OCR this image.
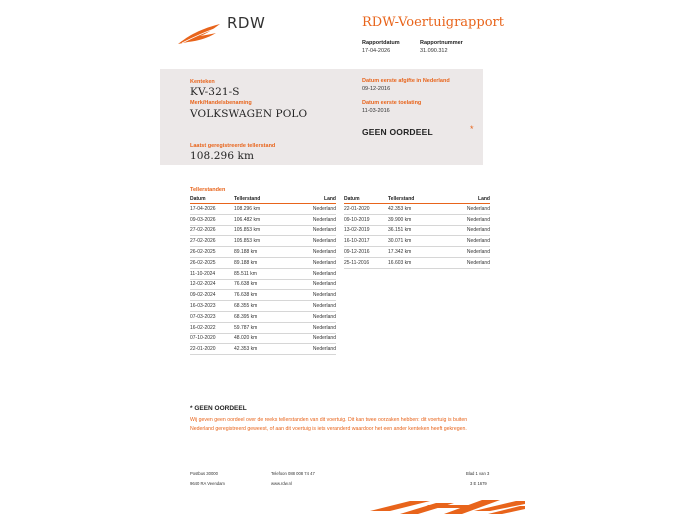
RDW	RDW-Voertuigrapport
Rapportdatum
17-04-2026
Rapportnummer
31.090.312
Kenteken
KV-321-S
Merk/Handelsbenaming
VOLKSWAGEN POLO
Laatst geregistreerde tellerstand
108.296 km
Datum eerste afgifte in Nederland
09-12-2016
Datum eerste toelating
11-03-2016
GEEN OORDEEL	*
Tellerstanden
Datum	Tellerstand	Land
17-04-2026	108.296 km	Nederland
09-03-2026	106.482 km	Nederland
27-02-2026	105.853 km	Nederland
27-02-2026	105.853 km	Nederland
26-02-2025	89.188 km	Nederland
26-02-2025	89.188 km	Nederland
11-10-2024	85.511 km	Nederland
12-02-2024	76.638 km	Nederland
09-02-2024	76.638 km	Nederland
16-03-2023	68.355 km	Nederland
07-03-2023	68.395 km	Nederland
16-02-2022	59.787 km	Nederland
07-10-2020	48.020 km	Nederland
22-01-2020	42.353 km	Nederland
Datum	Tellerstand	Land
22-01-2020	42.353 km	Nederland
09-10-2019	39.900 km	Nederland
13-02-2019	36.151 km	Nederland
16-10-2017	30.071 km	Nederland
09-12-2016	17.342 km	Nederland
25-11-2016	16.603 km	Nederland
* GEEN OORDEEL
Wij geven geen oordeel over de reeks tellerstanden van dit voertuig. Dit kan twee oorzaken hebben: dit voertuig is buiten Nederland geregistreerd geweest, of aan dit voertuig is iets veranderd waardoor het een ander kenteken heeft gekregen.
Postbus 30000
9640 RA Veendam
Telefoon 088 008 74 47
www.rdw.nl
Blad 1 van 3
3 E 1679
